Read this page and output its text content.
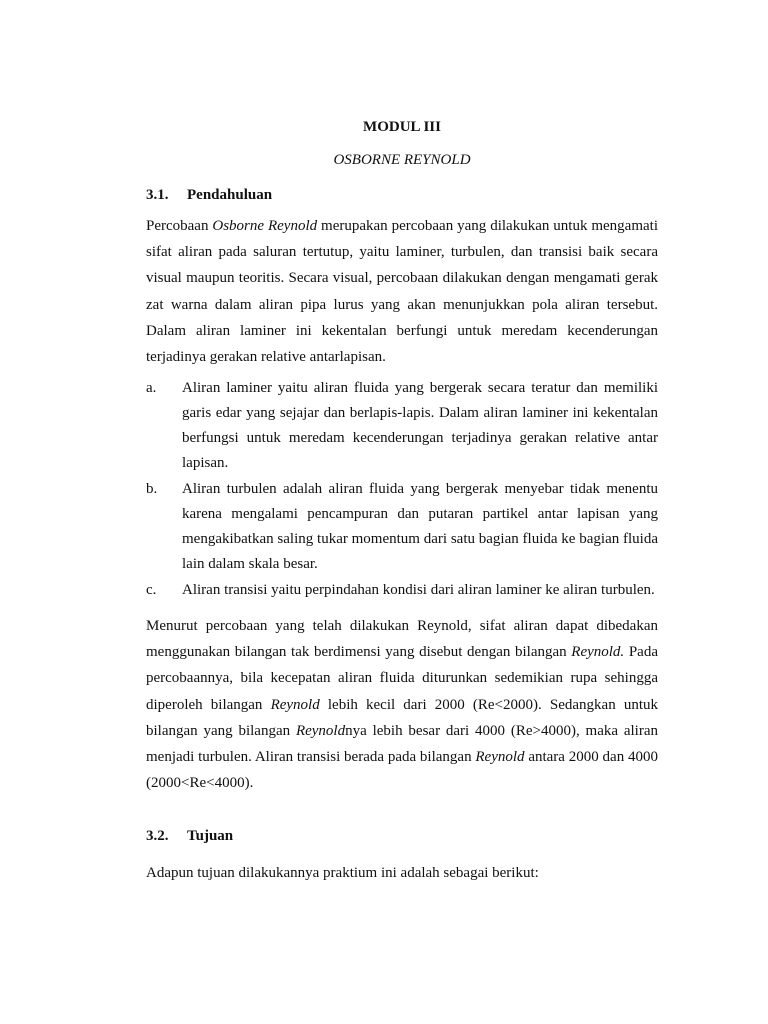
MODUL III
OSBORNE REYNOLD
3.1. Pendahuluan

Percobaan Osborne Reynold merupakan percobaan yang dilakukan untuk mengamati sifat aliran pada saluran tertutup, yaitu laminer, turbulen, dan transisi baik secara visual maupun teoritis. Secara visual, percobaan dilakukan dengan mengamati gerak zat warna dalam aliran pipa lurus yang akan menunjukkan pola aliran tersebut. Dalam aliran laminer ini kekentalan berfungi untuk meredam kecenderungan terjadinya gerakan relative antarlapisan.

a.	Aliran laminer yaitu aliran fluida yang bergerak secara teratur dan memiliki garis edar yang sejajar dan berlapis-lapis. Dalam aliran laminer ini kekentalan berfungsi untuk meredam kecenderungan terjadinya gerakan relative antar lapisan.
b.	Aliran turbulen adalah aliran fluida yang bergerak menyebar tidak menentu karena mengalami pencampuran dan putaran partikel antar lapisan yang mengakibatkan saling tukar momentum dari satu bagian fluida ke bagian fluida lain dalam skala besar.
c.	Aliran transisi yaitu perpindahan kondisi dari aliran laminer ke aliran turbulen.

Menurut percobaan yang telah dilakukan Reynold, sifat aliran dapat dibedakan menggunakan bilangan tak berdimensi yang disebut dengan bilangan Reynold. Pada percobaannya, bila kecepatan aliran fluida diturunkan sedemikian rupa sehingga diperoleh bilangan Reynold lebih kecil dari 2000 (Re<2000). Sedangkan untuk bilangan yang bilangan Reynoldnya lebih besar dari 4000 (Re>4000), maka aliran menjadi turbulen. Aliran transisi berada pada bilangan Reynold antara 2000 dan 4000 (2000<Re<4000).

3.2. Tujuan

Adapun tujuan dilakukannya praktium ini adalah sebagai berikut:
